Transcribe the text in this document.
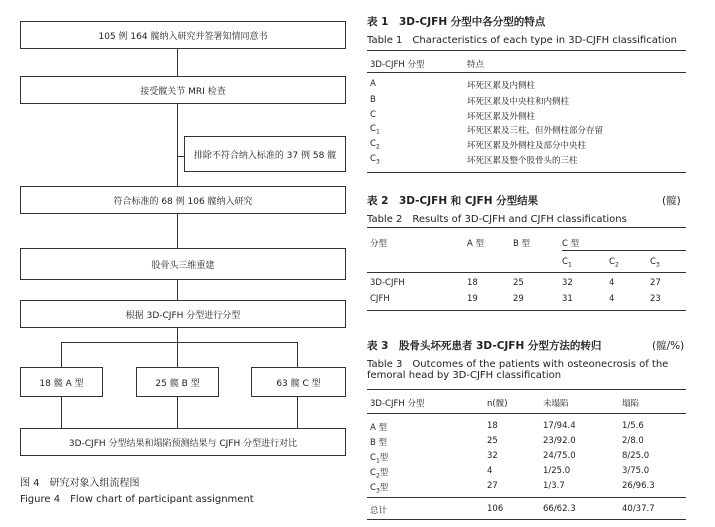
105 例 164 髋纳入研究并签署知情同意书
接受髋关节 MRI 检查
排除不符合纳入标准的 37 例 58 髋
符合标准的 68 例 106 髋纳入研究
股骨头三维重建
根据 3D-CJFH 分型进行分型
18 髋 A 型	25 髋 B 型	63 髋 C 型
3D-CJFH 分型结果和塌陷预测结果与 CJFH 分型进行对比
图 4　研究对象入组流程图
Figure 4　Flow chart of participant assignment
表 1　3D-CJFH 分型中各分型的特点
Table 1　Characteristics of each type in 3D-CJFH classification
3D-CJFH 分型	特点
A	坏死区累及内侧柱
B	坏死区累及中央柱和内侧柱
C	坏死区累及外侧柱
$C_1$	坏死区累及三柱，但外侧柱部分存留
$C_2$	坏死区累及外侧柱及部分中央柱
$C_3$	坏死区累及整个股骨头的三柱
表 2　3D-CJFH 和 CJFH 分型结果	(髋)
Table 2　Results of 3D-CJFH and CJFH classifications
分型	A 型	B 型	C 型
$C_1$	$C_2$	$C_3$
3D-CJFH	18	25	32	4	27
CJFH	19	29	31	4	23
表 3　股骨头坏死患者 3D-CJFH 分型方法的转归	(髋/%)
Table 3　Outcomes of the patients with osteonecrosis of the
femoral head by 3D-CJFH classification
3D-CJFH 分型	n(髋)	未塌陷	塌陷
A 型	18	17/94.4	1/5.6
B 型	25	23/92.0	2/8.0
$C_1$型	32	24/75.0	8/25.0
$C_2$型	4	1/25.0	3/75.0
$C_3$型	27	1/3.7	26/96.3
总计	106	66/62.3	40/37.7
